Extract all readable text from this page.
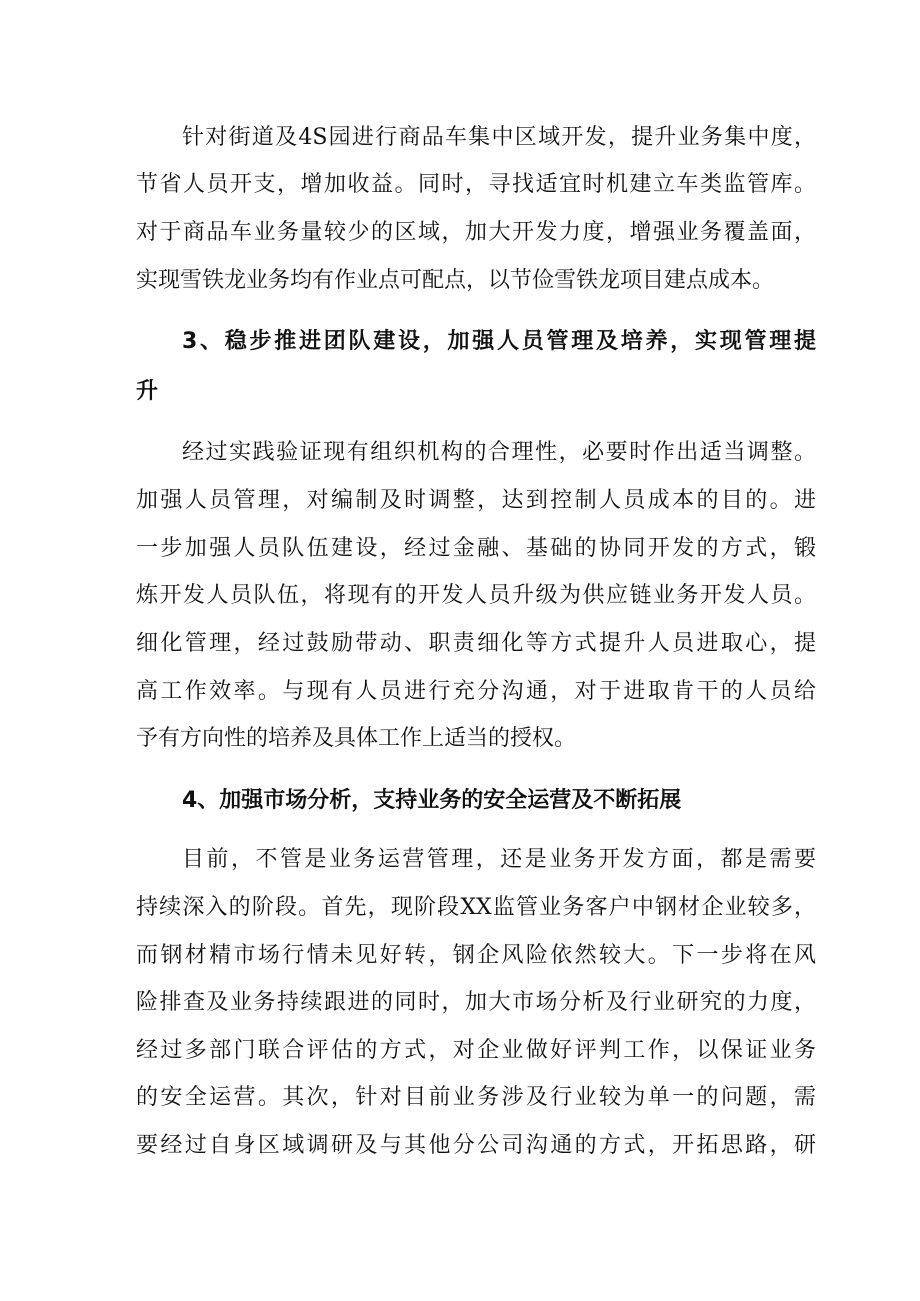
针对街道及4S园进行商品车集中区域开发，提升业务集中度，
节省人员开支，增加收益。同时，寻找适宜时机建立车类监管库。
对于商品车业务量较少的区域，加大开发力度，增强业务覆盖面，
实现雪铁龙业务均有作业点可配点，以节俭雪铁龙项目建点成本。
3、稳步推进团队建设，加强人员管理及培养，实现管理提
升
经过实践验证现有组织机构的合理性，必要时作出适当调整。
加强人员管理，对编制及时调整，达到控制人员成本的目的。进
一步加强人员队伍建设，经过金融、基础的协同开发的方式，锻
炼开发人员队伍，将现有的开发人员升级为供应链业务开发人员。
细化管理，经过鼓励带动、职责细化等方式提升人员进取心，提
高工作效率。与现有人员进行充分沟通，对于进取肯干的人员给
予有方向性的培养及具体工作上适当的授权。
4、加强市场分析，支持业务的安全运营及不断拓展
目前，不管是业务运营管理，还是业务开发方面，都是需要
持续深入的阶段。首先，现阶段XX监管业务客户中钢材企业较多，
而钢材精市场行情未见好转，钢企风险依然较大。下一步将在风
险排查及业务持续跟进的同时，加大市场分析及行业研究的力度，
经过多部门联合评估的方式，对企业做好评判工作，以保证业务
的安全运营。其次，针对目前业务涉及行业较为单一的问题，需
要经过自身区域调研及与其他分公司沟通的方式，开拓思路，研
